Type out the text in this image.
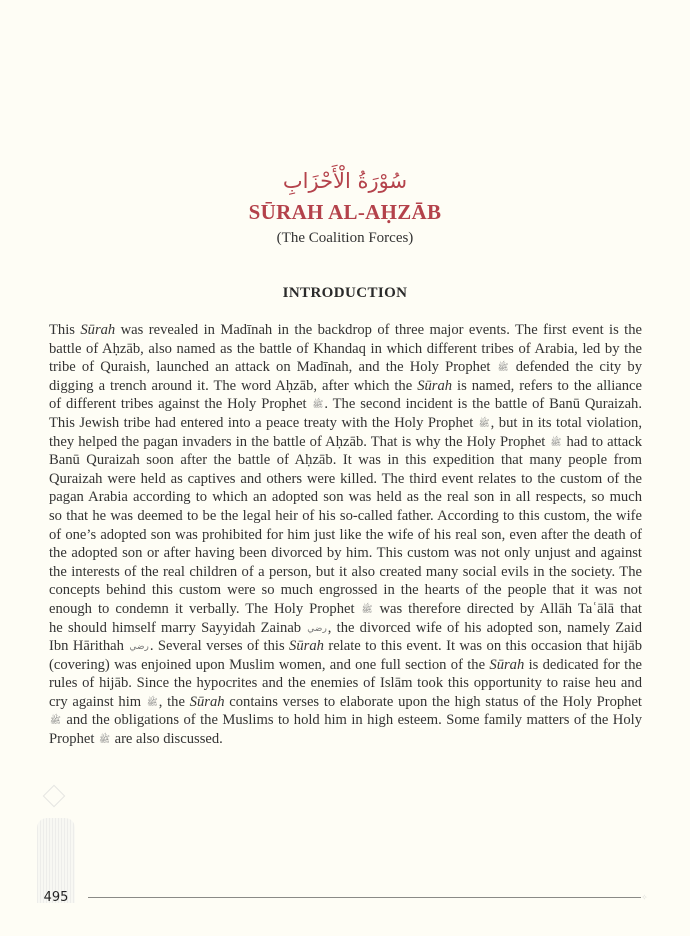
سُوْرَةُ الْأَحْزَابِ
SŪRAH AL-AḤZĀB
(The Coalition Forces)
INTRODUCTION
This Sūrah was revealed in Madīnah in the backdrop of three major events. The first event is the
battle of Aḥzāb, also named as the battle of Khandaq in which different tribes of Arabia, led by the
tribe of Quraish, launched an attack on Madīnah, and the Holy Prophet ﷺ defended the city by
digging a trench around it. The word Aḥzāb, after which the Sūrah is named, refers to the alliance
of different tribes against the Holy Prophet ﷺ. The second incident is the battle of Banū Quraizah.
This Jewish tribe had entered into a peace treaty with the Holy Prophet ﷺ, but in its total violation,
they helped the pagan invaders in the battle of Aḥzāb. That is why the Holy Prophet ﷺ had to attack
Banū Quraizah soon after the battle of Aḥzāb. It was in this expedition that many people from
Quraizah were held as captives and others were killed. The third event relates to the custom of the
pagan Arabia according to which an adopted son was held as the real son in all respects, so much
so that he was deemed to be the legal heir of his so-called father. According to this custom, the wife
of one’s adopted son was prohibited for him just like the wife of his real son, even after the death of
the adopted son or after having been divorced by him. This custom was not only unjust and against
the interests of the real children of a person, but it also created many social evils in the society. The
concepts behind this custom were so much engrossed in the hearts of the people that it was not
enough to condemn it verbally. The Holy Prophet ﷺ was therefore directed by Allāh Taʿālā that
he should himself marry Sayyidah Zainab رضي, the divorced wife of his adopted son, namely Zaid
Ibn Hārithah رضي. Several verses of this Sūrah relate to this event. It was on this occasion that hijāb
(covering) was enjoined upon Muslim women, and one full section of the Sūrah is dedicated for the
rules of hijāb. Since the hypocrites and the enemies of Islām took this opportunity to raise heu and
cry against him ﷺ, the Sūrah contains verses to elaborate upon the high status of the Holy Prophet
ﷺ and the obligations of the Muslims to hold him in high esteem. Some family matters of the Holy
Prophet ﷺ are also discussed.
495	✧
